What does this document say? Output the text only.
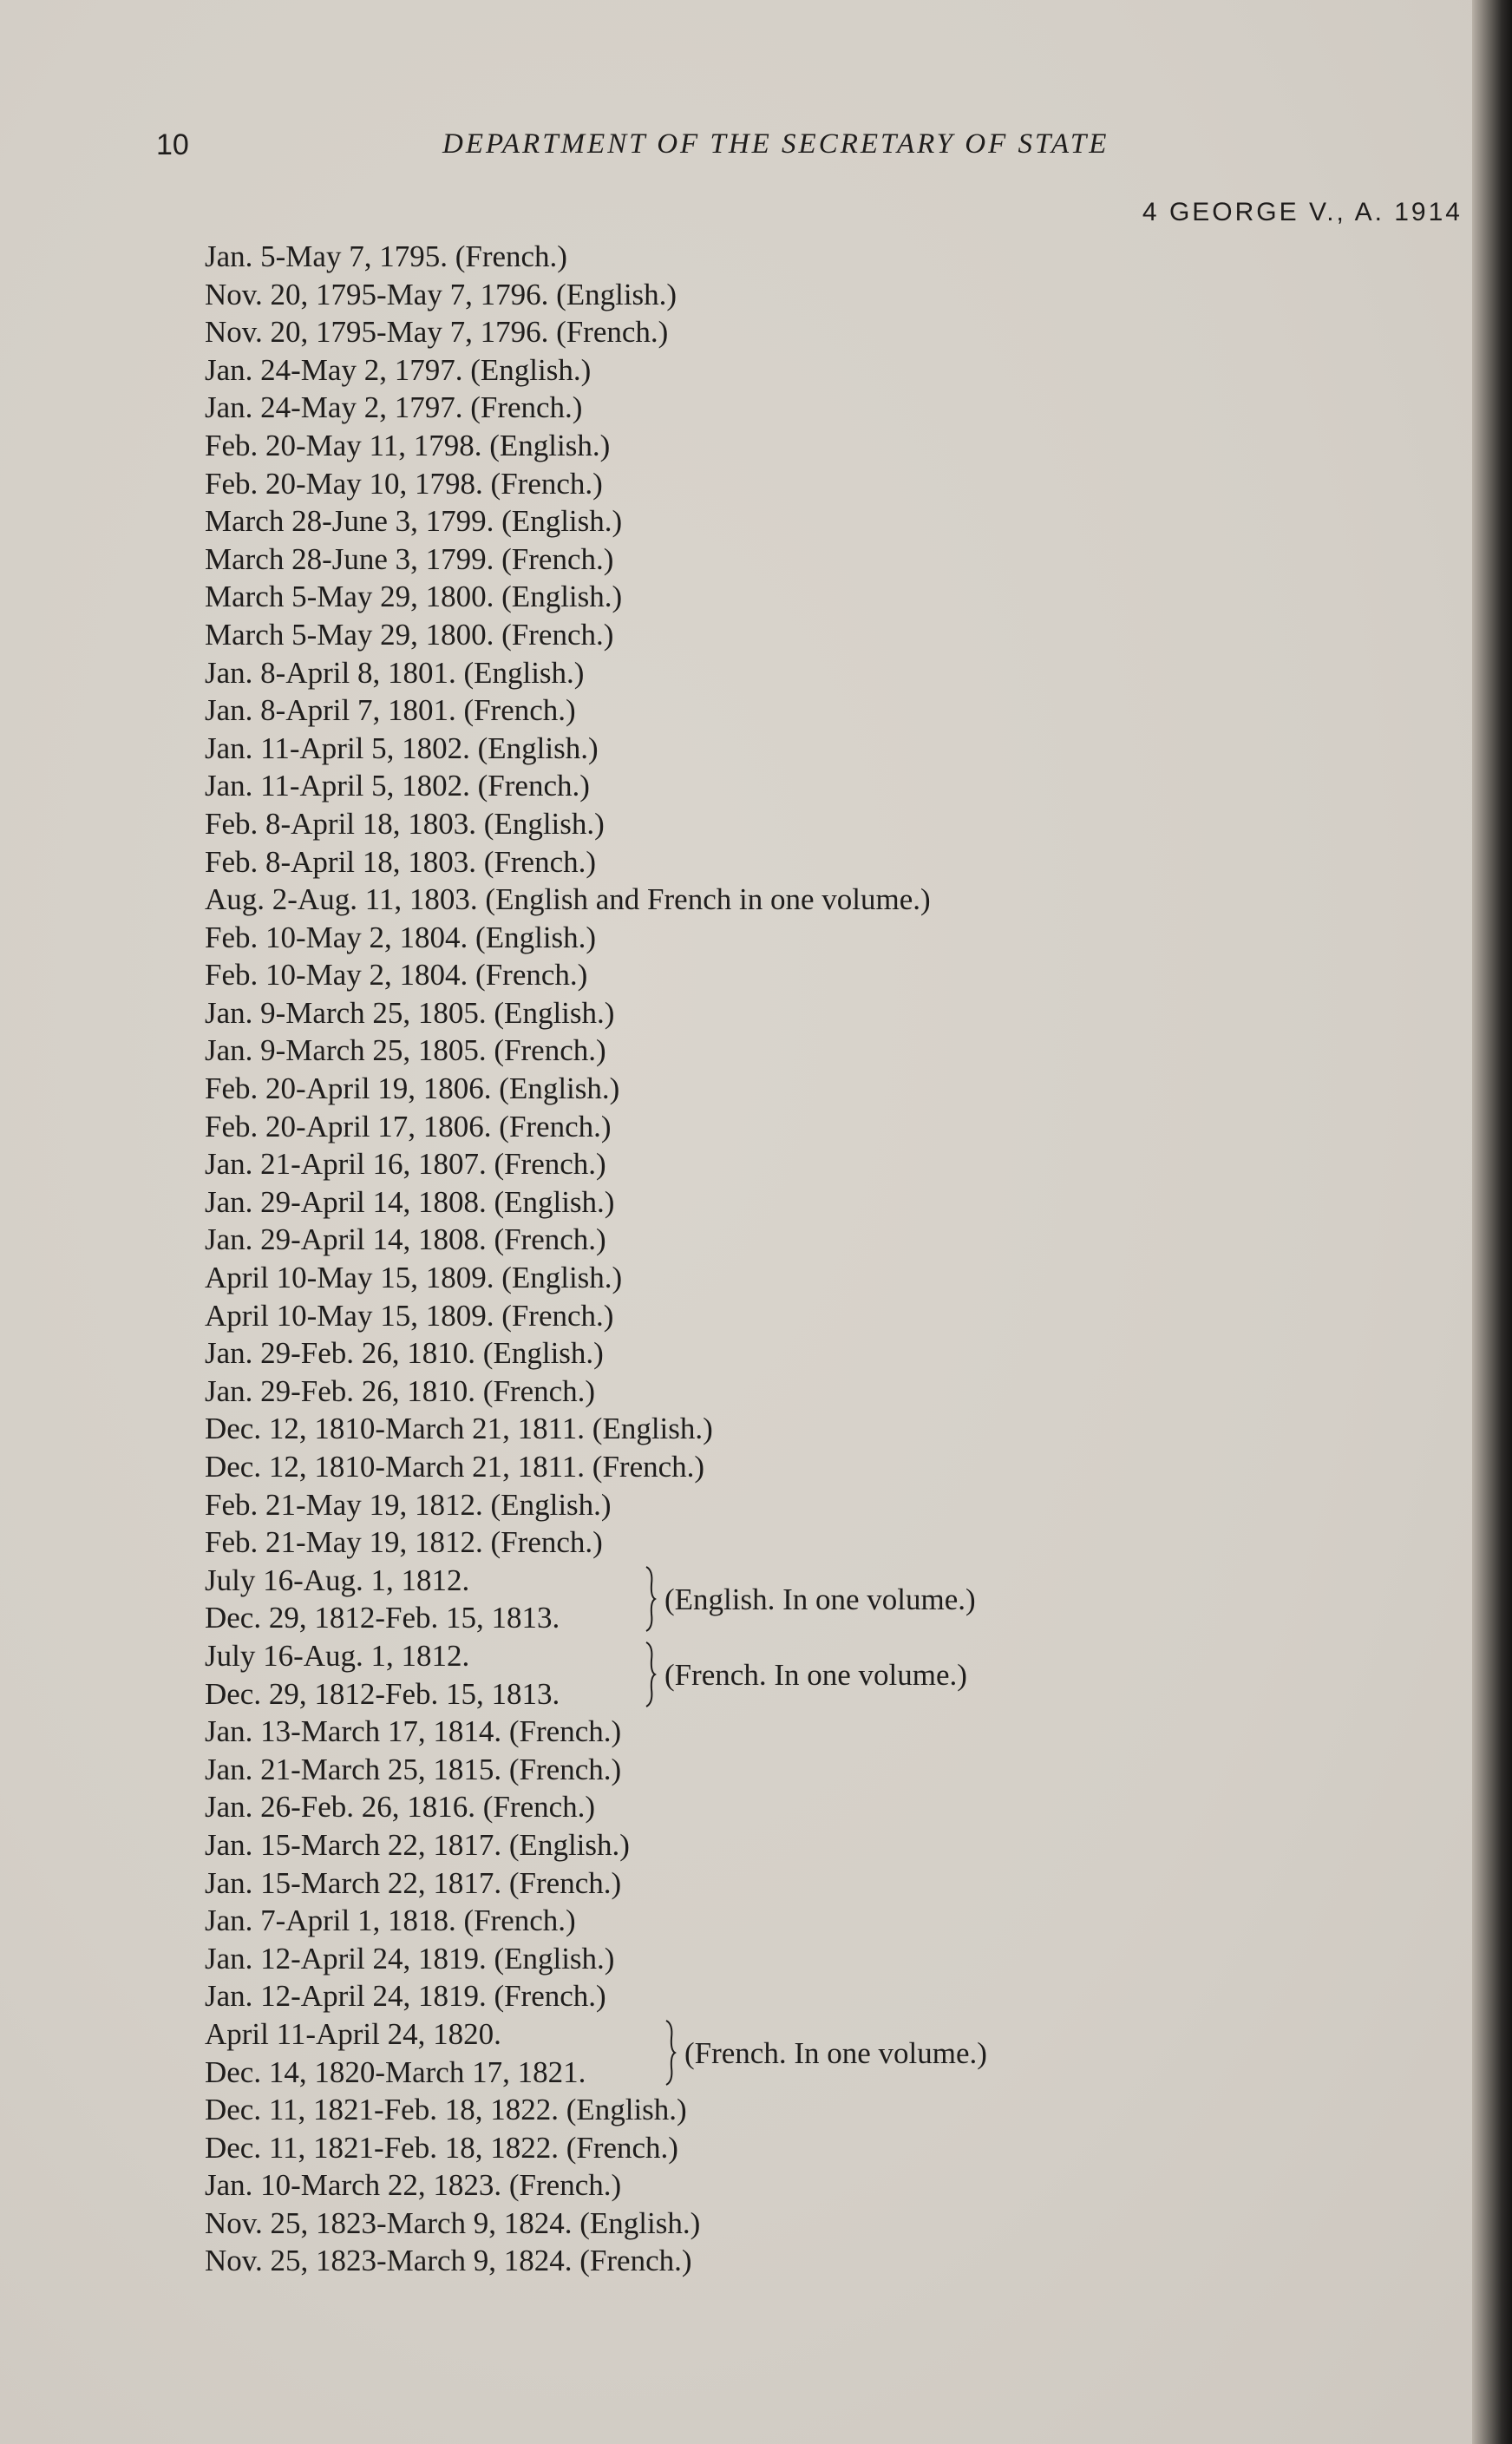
10	DEPARTMENT OF THE SECRETARY OF STATE
4 GEORGE V., A. 1914
Jan. 5-May 7, 1795. (French.)
Nov. 20, 1795-May 7, 1796. (English.)
Nov. 20, 1795-May 7, 1796. (French.)
Jan. 24-May 2, 1797. (English.)
Jan. 24-May 2, 1797. (French.)
Feb. 20-May 11, 1798. (English.)
Feb. 20-May 10, 1798. (French.)
March 28-June 3, 1799. (English.)
March 28-June 3, 1799. (French.)
March 5-May 29, 1800. (English.)
March 5-May 29, 1800. (French.)
Jan. 8-April 8, 1801. (English.)
Jan. 8-April 7, 1801. (French.)
Jan. 11-April 5, 1802. (English.)
Jan. 11-April 5, 1802. (French.)
Feb. 8-April 18, 1803. (English.)
Feb. 8-April 18, 1803. (French.)
Aug. 2-Aug. 11, 1803. (English and French in one volume.)
Feb. 10-May 2, 1804. (English.)
Feb. 10-May 2, 1804. (French.)
Jan. 9-March 25, 1805. (English.)
Jan. 9-March 25, 1805. (French.)
Feb. 20-April 19, 1806. (English.)
Feb. 20-April 17, 1806. (French.)
Jan. 21-April 16, 1807. (French.)
Jan. 29-April 14, 1808. (English.)
Jan. 29-April 14, 1808. (French.)
April 10-May 15, 1809. (English.)
April 10-May 15, 1809. (French.)
Jan. 29-Feb. 26, 1810. (English.)
Jan. 29-Feb. 26, 1810. (French.)
Dec. 12, 1810-March 21, 1811. (English.)
Dec. 12, 1810-March 21, 1811. (French.)
Feb. 21-May 19, 1812. (English.)
Feb. 21-May 19, 1812. (French.)
July 16-Aug. 1, 1812.
Dec. 29, 1812-Feb. 15, 1813.
(English. In one volume.)
July 16-Aug. 1, 1812.
Dec. 29, 1812-Feb. 15, 1813.
(French. In one volume.)
Jan. 13-March 17, 1814. (French.)
Jan. 21-March 25, 1815. (French.)
Jan. 26-Feb. 26, 1816. (French.)
Jan. 15-March 22, 1817. (English.)
Jan. 15-March 22, 1817. (French.)
Jan. 7-April 1, 1818. (French.)
Jan. 12-April 24, 1819. (English.)
Jan. 12-April 24, 1819. (French.)
April 11-April 24, 1820.
Dec. 14, 1820-March 17, 1821.
(French. In one volume.)
Dec. 11, 1821-Feb. 18, 1822. (English.)
Dec. 11, 1821-Feb. 18, 1822. (French.)
Jan. 10-March 22, 1823. (French.)
Nov. 25, 1823-March 9, 1824. (English.)
Nov. 25, 1823-March 9, 1824. (French.)
